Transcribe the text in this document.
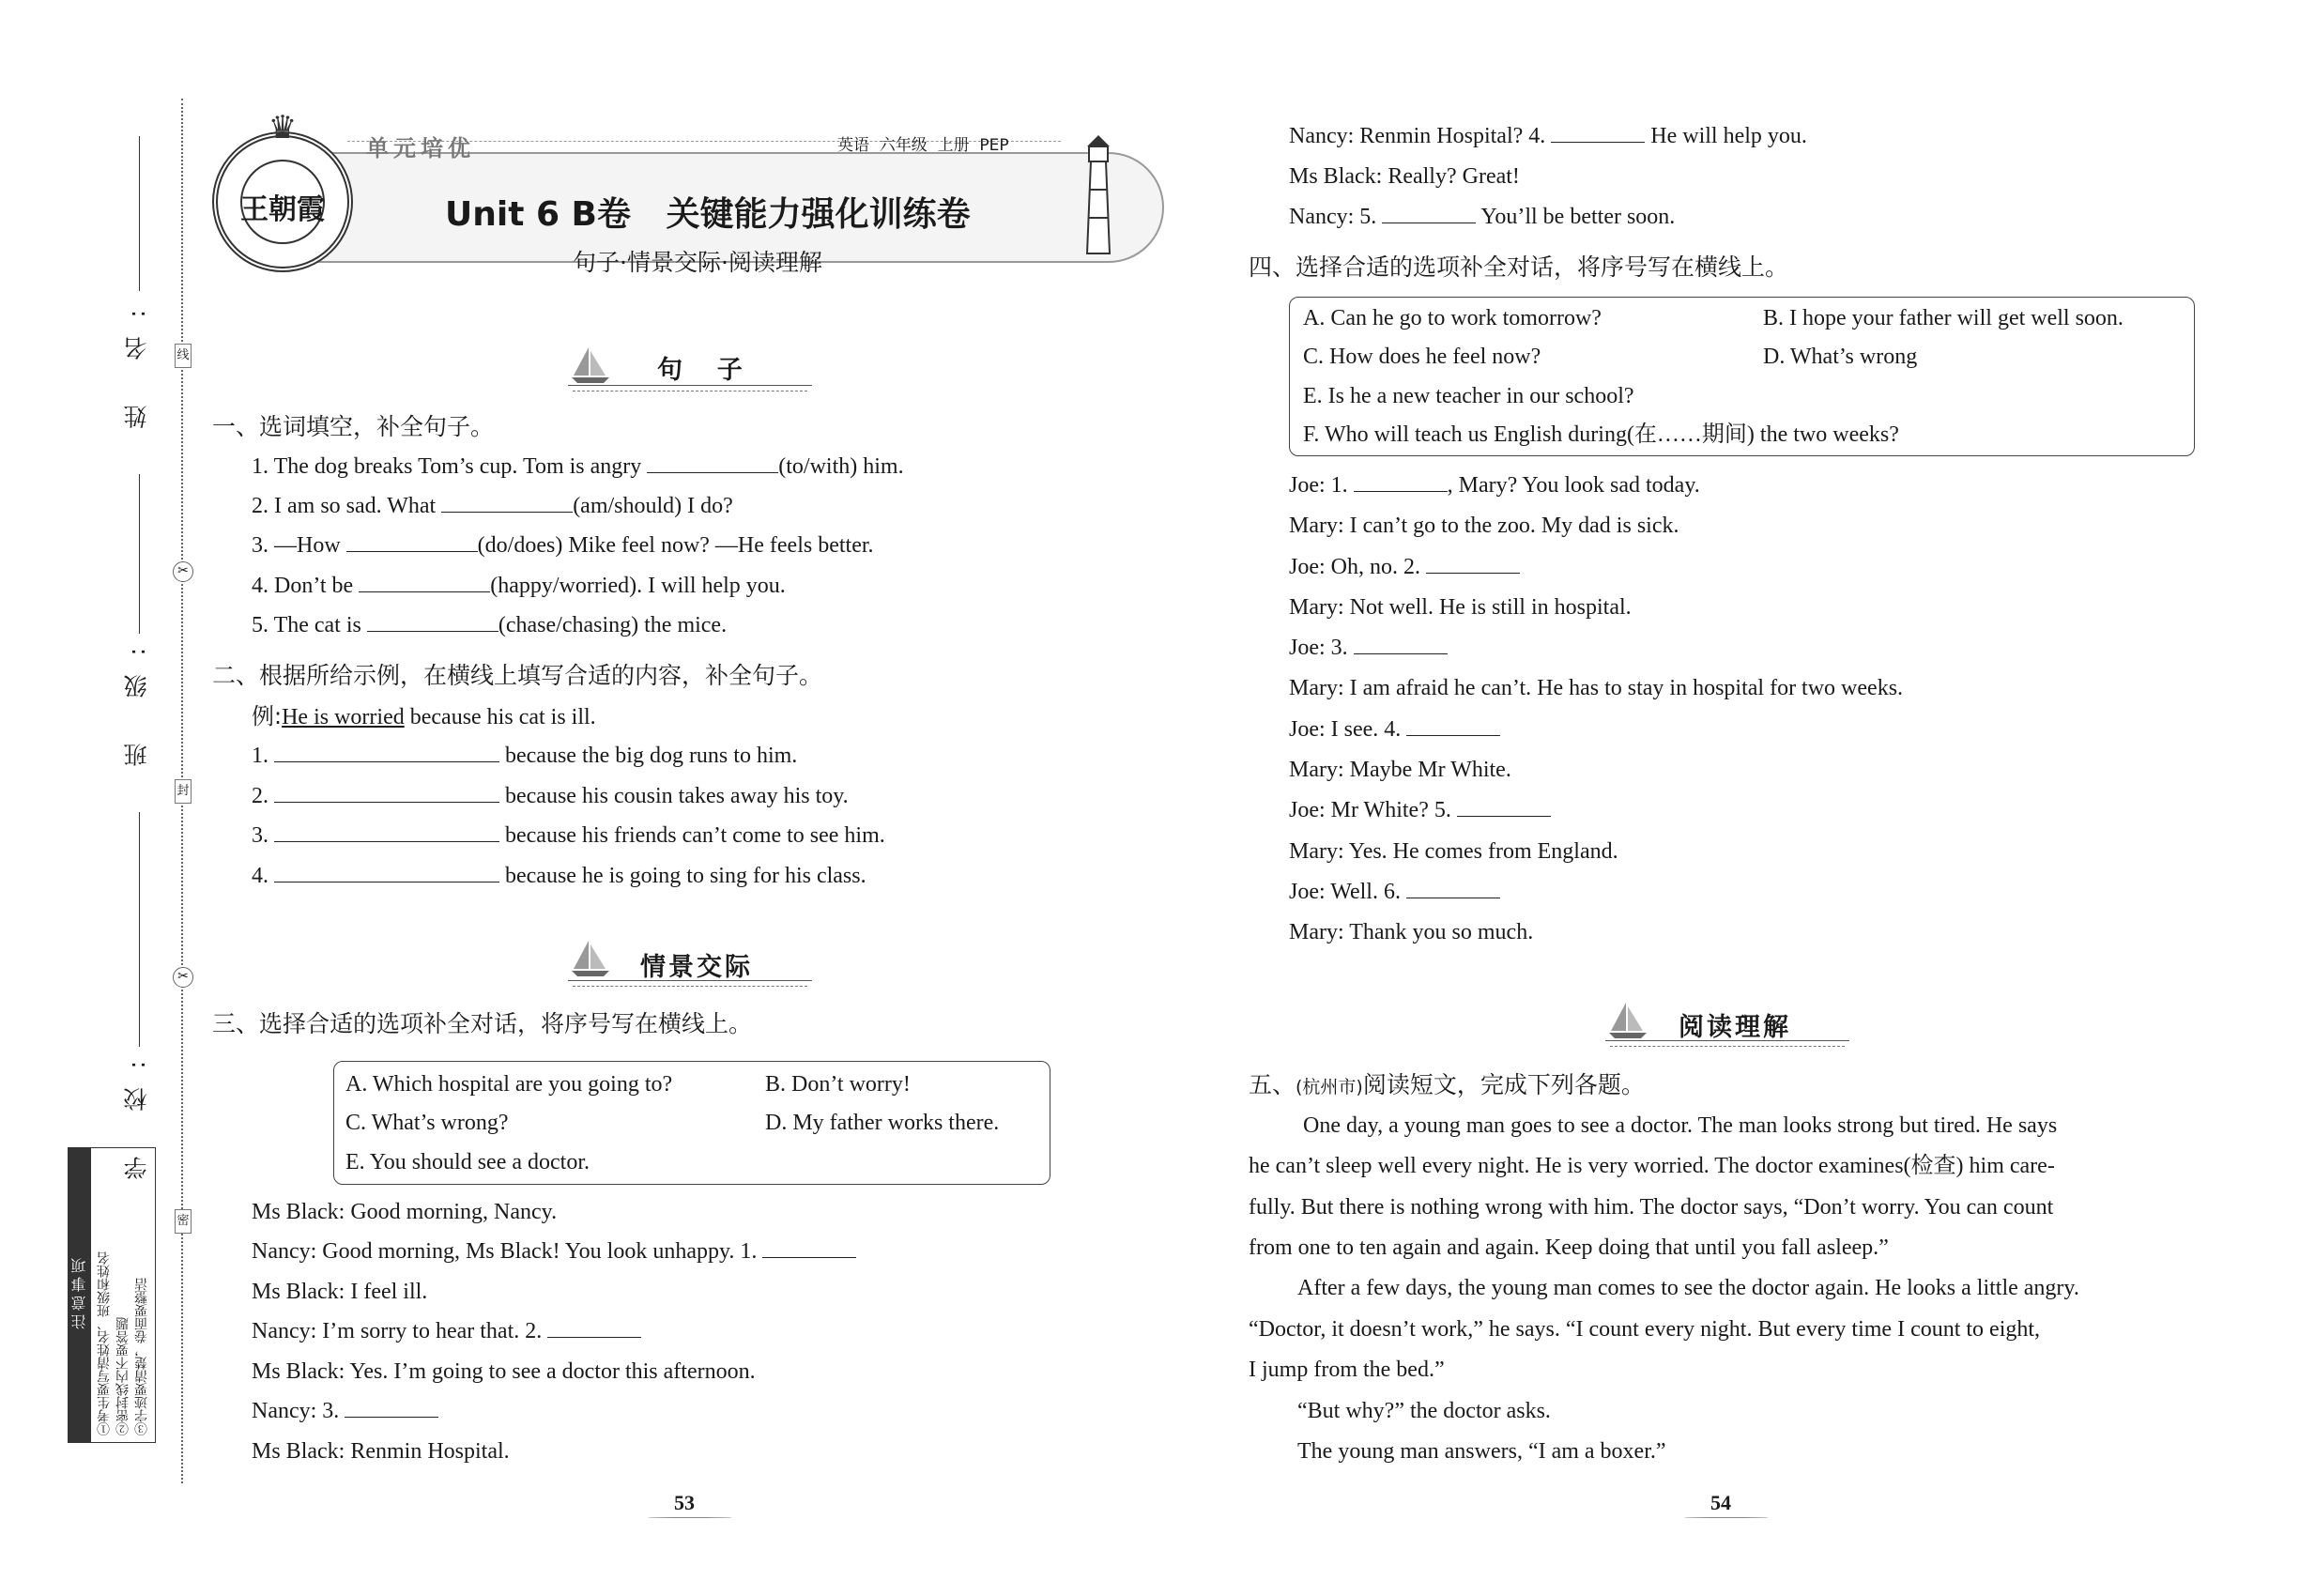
线
封
密
✂
✂
姓 名:
班 级:
学 校:
注意事项 ①考生要写清姓名、班级和姓名 ②密封线内不要答题 ③字迹要清楚，卷面要整洁
王朝霞
♛
单元培优	英语  六年级  上册  PEP
Unit 6 B卷   关键能力强化训练卷
句子·情景交际·阅读理解
句  子
一、选词填空，补全句子。
1. The dog breaks Tom’s cup. Tom is angry	(to/with) him.
2. I am so sad. What	(am/should) I do?
3. —How	(do/does) Mike feel now? —He feels better.
4. Don’t be	(happy/worried). I will help you.
5. The cat is	(chase/chasing) the mice.
二、根据所给示例，在横线上填写合适的内容，补全句子。
例:He is worried because his cat is ill.
1.	because the big dog runs to him.
2.	because his cousin takes away his toy.
3.	because his friends can’t come to see him.
4.	because he is going to sing for his class.
情景交际
三、选择合适的选项补全对话，将序号写在横线上。
A. Which hospital are you going to?	B. Don’t worry!
C. What’s wrong?	D. My father works there.
E. You should see a doctor.
Ms Black: Good morning, Nancy.
Nancy: Good morning, Ms Black! You look unhappy. 1.
Ms Black: I feel ill.
Nancy: I’m sorry to hear that. 2.
Ms Black: Yes. I’m going to see a doctor this afternoon.
Nancy: 3.
Ms Black: Renmin Hospital.
53
Nancy: Renmin Hospital? 4.	He will help you.
Ms Black: Really? Great!
Nancy: 5.	You’ll be better soon.
四、选择合适的选项补全对话，将序号写在横线上。
A. Can he go to work tomorrow?	B. I hope your father will get well soon.
C. How does he feel now?	D. What’s wrong
E. Is he a new teacher in our school?
F. Who will teach us English during(在……期间) the two weeks?
Joe: 1.	, Mary? You look sad today.
Mary: I can’t go to the zoo. My dad is sick.
Joe: Oh, no. 2.
Mary: Not well. He is still in hospital.
Joe: 3.
Mary: I am afraid he can’t. He has to stay in hospital for two weeks.
Joe: I see. 4.
Mary: Maybe Mr White.
Joe: Mr White? 5.
Mary: Yes. He comes from England.
Joe: Well. 6.
Mary: Thank you so much.
阅读理解
五、(杭州市)阅读短文，完成下列各题。
One day, a young man goes to see a doctor. The man looks strong but tired. He says
he can’t sleep well every night. He is very worried. The doctor examines(检查) him care-
fully. But there is nothing wrong with him. The doctor says, “Don’t worry. You can count
from one to ten again and again. Keep doing that until you fall asleep.”
After a few days, the young man comes to see the doctor again. He looks a little angry.
“Doctor, it doesn’t work,” he says. “I count every night. But every time I count to eight,
I jump from the bed.”
“But why?” the doctor asks.
The young man answers, “I am a boxer.”
54
